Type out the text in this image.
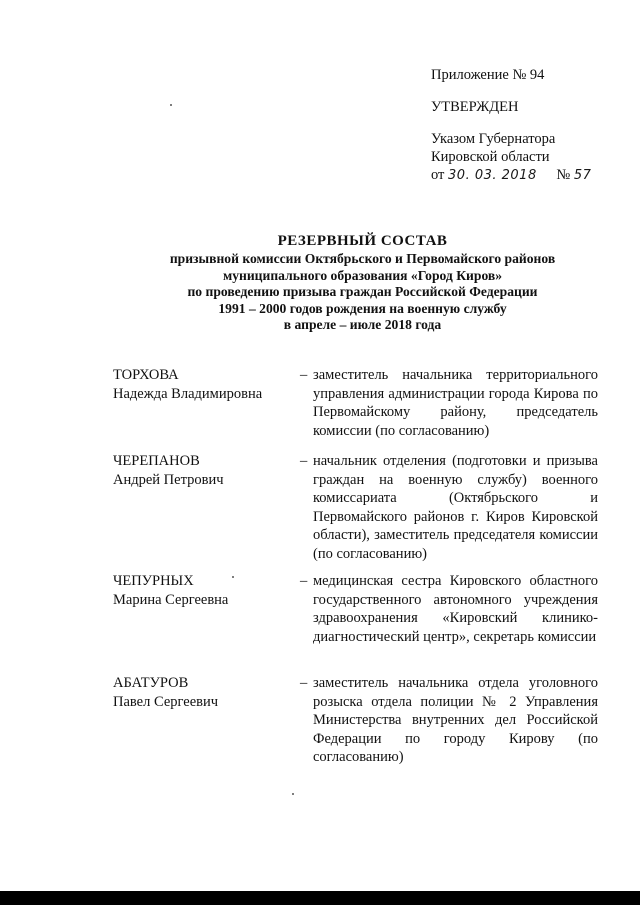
Приложение № 94
УТВЕРЖДЕН
Указом Губернатора
Кировской области
от 30. 03. 2018 № 57
РЕЗЕРВНЫЙ СОСТАВ
призывной комиссии Октябрьского и Первомайского районов
муниципального образования «Город Киров»
по проведению призыва граждан Российской Федерации
1991 – 2000 годов рождения на военную службу
в апреле – июле 2018 года
ТОРХОВА
Надежда Владимировна
– заместитель начальника территориального управления администрации города Кирова по Первомайскому району, председатель комиссии (по согласованию)
ЧЕРЕПАНОВ
Андрей Петрович
– начальник отделения (подготовки и призыва граждан на военную службу) военного комиссариата (Октябрьского и Первомайского районов г. Киров Кировской области), заместитель председателя комиссии (по согласованию)
ЧЕПУРНЫХ
Марина Сергеевна
– медицинская сестра Кировского областного государственного автономного учреждения здравоохранения «Кировский клинико-диагностический центр», секретарь комиссии
АБАТУРОВ
Павел Сергеевич
– заместитель начальника отдела уголовного розыска отдела полиции № 2 Управления Министерства внутренних дел Российской Федерации по городу Кирову (по согласованию)
